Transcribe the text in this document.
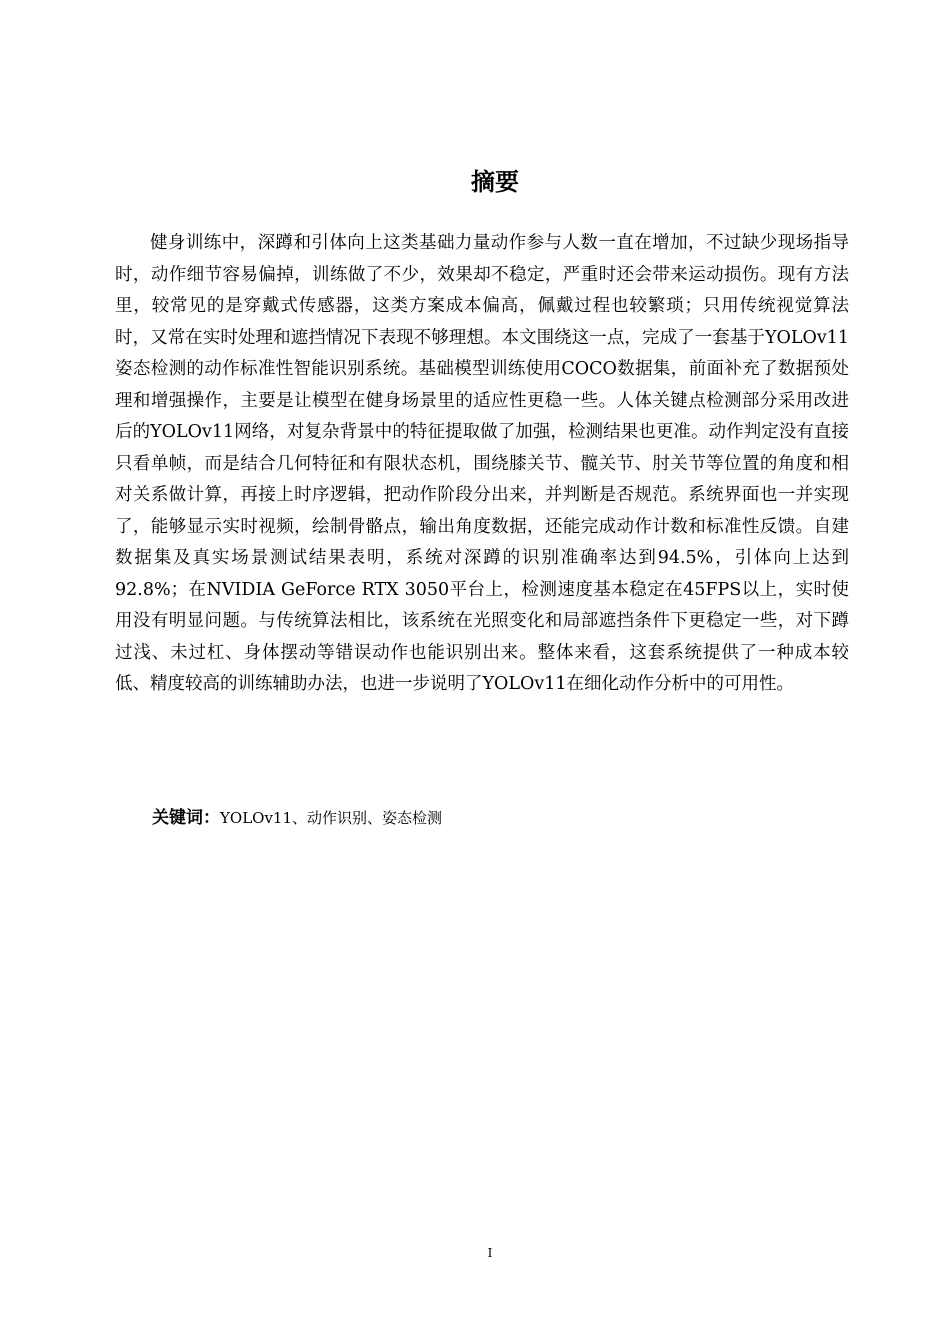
摘要

健身训练中，深蹲和引体向上这类基础力量动作参与人数一直在增加，不过缺少现场指导时，动作细节容易偏掉，训练做了不少，效果却不稳定，严重时还会带来运动损伤。现有方法里，较常见的是穿戴式传感器，这类方案成本偏高，佩戴过程也较繁琐；只用传统视觉算法时，又常在实时处理和遮挡情况下表现不够理想。本文围绕这一点，完成了一套基于YOLOv11姿态检测的动作标准性智能识别系统。基础模型训练使用COCO数据集，前面补充了数据预处理和增强操作，主要是让模型在健身场景里的适应性更稳一些。人体关键点检测部分采用改进后的YOLOv11网络，对复杂背景中的特征提取做了加强，检测结果也更准。动作判定没有直接只看单帧，而是结合几何特征和有限状态机，围绕膝关节、髋关节、肘关节等位置的角度和相对关系做计算，再接上时序逻辑，把动作阶段分出来，并判断是否规范。系统界面也一并实现了，能够显示实时视频，绘制骨骼点，输出角度数据，还能完成动作计数和标准性反馈。自建数据集及真实场景测试结果表明，系统对深蹲的识别准确率达到94.5%，引体向上达到92.8%；在NVIDIA GeForce RTX 3050平台上，检测速度基本稳定在45FPS以上，实时使用没有明显问题。与传统算法相比，该系统在光照变化和局部遮挡条件下更稳定一些，对下蹲过浅、未过杠、身体摆动等错误动作也能识别出来。整体来看，这套系统提供了一种成本较低、精度较高的训练辅助办法，也进一步说明了YOLOv11在细化动作分析中的可用性。

关键词：YOLOv11、动作识别、姿态检测

I
